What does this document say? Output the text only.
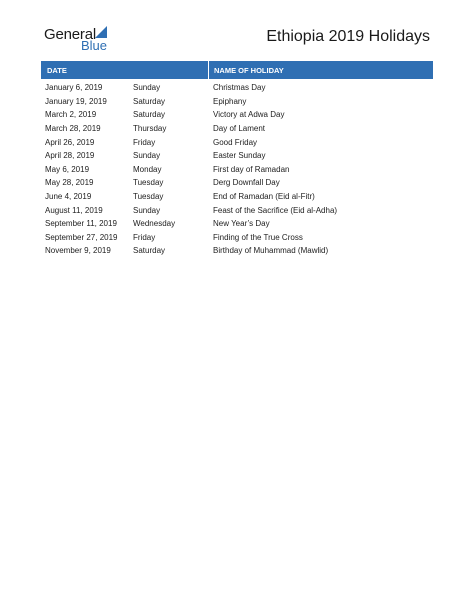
General
Blue
Ethiopia 2019 Holidays
DATE	NAME OF HOLIDAY
January 6, 2019	Sunday	Christmas Day
January 19, 2019	Saturday	Epiphany
March 2, 2019	Saturday	Victory at Adwa Day
March 28, 2019	Thursday	Day of Lament
April 26, 2019	Friday	Good Friday
April 28, 2019	Sunday	Easter Sunday
May 6, 2019	Monday	First day of Ramadan
May 28, 2019	Tuesday	Derg Downfall Day
June 4, 2019	Tuesday	End of Ramadan (Eid al-Fitr)
August 11, 2019	Sunday	Feast of the Sacrifice (Eid al-Adha)
September 11, 2019	Wednesday	New Year’s Day
September 27, 2019	Friday	Finding of the True Cross
November 9, 2019	Saturday	Birthday of Muhammad (Mawlid)
